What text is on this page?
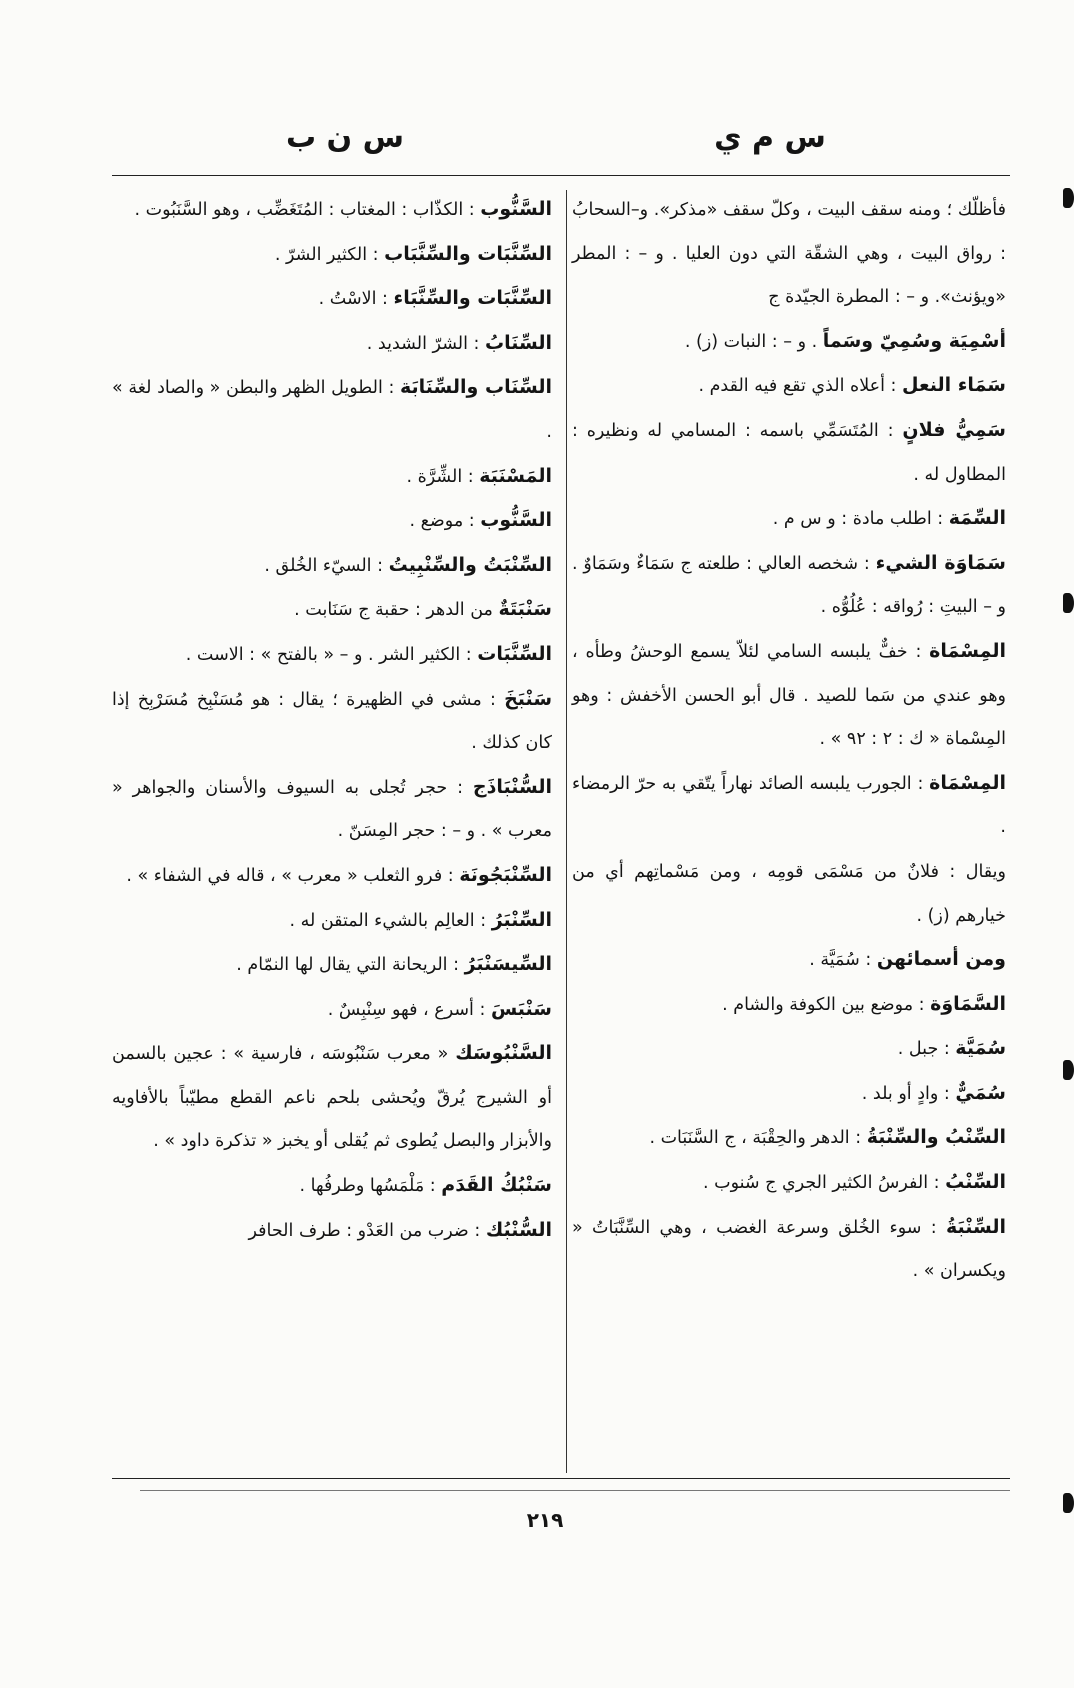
س م ي
س ن ب

فأظلّك ؛ ومنه سقف البيت ، وكلّ سقف «مذكر». و–السحابُ : رواق البيت ، وهي الشقّة التي دون العليا . و – : المطر «ويؤنث». و – : المطرة الجيّدة ج

أسْمِيَة وسُمِيّ وسَماً . و – : النبات (ز) .

سَمَاء النعل : أعلاه الذي تقع فيه القدم .

سَمِيُّ فلانٍ : المُتَسَمِّي باسمه : المسامي له ونظيره : المطاول له .

السِّمَة : اطلب مادة : و س م .

سَمَاوَة الشيء : شخصه العالي : طلعته ج سَمَاءٌ وسَمَاوٌ . و – البيتِ : رُواقه : عُلُوُّه .

المِسْمَاة : خفٌّ يلبسه السامي لئلاّ يسمع الوحشُ وطأه ، وهو عندي من سَما للصيد . قال أبو الحسن الأخفش : وهو المِسْماة « ك : ٢ : ٩٢ » .

المِسْمَاة : الجورب يلبسه الصائد نهاراً يتّقي به حرّ الرمضاء .

ويقال : فلانٌ من مَسْمَى قومِه ، ومن مَسْماتِهم أي من خيارهم (ز) .

ومن أسمائهن : سُمَيَّة .

السَّمَاوَة : موضع بين الكوفة والشام .

سُمَيَّة : جبل .

سُمَيٌّ : وادٍ أو بلد .

السِّنْبُ والسِّنْبَةُ : الدهر والحِقْبَة ، ج السَّنَبَات .

السِّنْبُ : الفرسُ الكثير الجري ج سُنوب .

السِّنْبَةُ : سوء الخُلق وسرعة الغضب ، وهي السِّنَّبَاتُ « ويكسران » .

السَّنُّوب : الكذّاب : المغتاب : المُتَغَضِّب ، وهو السَّنَبُوت .

السِّنَّبَات والسِّنَّبَاب : الكثير الشرّ .

السِّنَّبَات والسِّنَّبَاء : الاسْتُ .

السِّنَابُ : الشرّ الشديد .

السِّنَاب والسِّنَابَة : الطويل الظهر والبطن « والصاد لغة » .

المَسْنَبَة : الشِّرَّة .

السَّنُّوب : موضع .

السِّنْبَتُ والسِّنْبِيتُ : السيّء الخُلق .

سَنْبَتَةٌ من الدهر : حقبة ج سَنَابت .

السِّنَّبَات : الكثير الشر . و – « بالفتح » : الاست .

سَنْبَخَ : مشى في الظهيرة ؛ يقال : هو مُسَنْبِخ مُسَرْبِخ إذا كان كذلك .

السُّنْبَاذَج : حجر تُجلى به السيوف والأسنان والجواهر « معرب » . و – : حجر المِسَنّ .

السِّنْبَجُونَة : فرو الثعلب « معرب » ، قاله في الشفاء » .

السِّنْبَرُ : العالِم بالشيء المتقن له .

السِّيسَنْبَرُ : الريحانة التي يقال لها النمّام .

سَنْبَسَ : أسرع ، فهو سِنْبِسٌ .

السَّنْبُوسَك « معرب سَنْبُوسَه ، فارسية » : عجين بالسمن أو الشيرج يُرقّ ويُحشى بلحم ناعم القطع مطيّباً بالأفاويه والأبزار والبصل يُطوى ثم يُقلى أو يخبز « تذكرة داود » .

سَنْبُكُ القَدَم : مَلْمَسُها وطرفُها .

السُّنْبُك : ضرب من العَدْو : طرف الحافر

٢١٩
